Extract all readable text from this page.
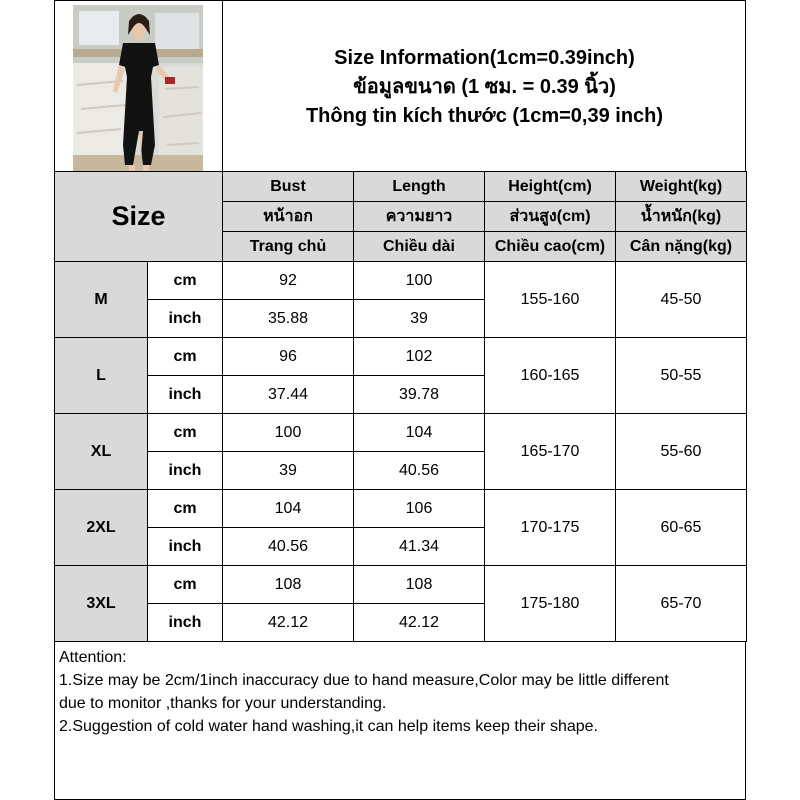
Size Information(1cm=0.39inch)
ข้อมูลขนาด (1 ซม. = 0.39 นิ้ว)
Thông tin kích thước (1cm=0,39 inch)
Size		Bust	Length	Height(cm)	Weight(kg)
		หน้าอก	ความยาว	ส่วนสูง(cm)	น้ำหนัก(kg)
		Trang chủ	Chiều dài	Chiều cao(cm)	Cân nặng(kg)
M	cm	92	100	155-160	45-50
	inch	35.88	39		
L	cm	96	102	160-165	50-55
	inch	37.44	39.78		
XL	cm	100	104	165-170	55-60
	inch	39	40.56		
2XL	cm	104	106	170-175	60-65
	inch	40.56	41.34		
3XL	cm	108	108	175-180	65-70
	inch	42.12	42.12		
Attention:
1.Size may be 2cm/1inch inaccuracy due to hand measure,Color may be little different
due to monitor ,thanks for your understanding.
2.Suggestion of cold water hand washing,it can help items keep their shape.
